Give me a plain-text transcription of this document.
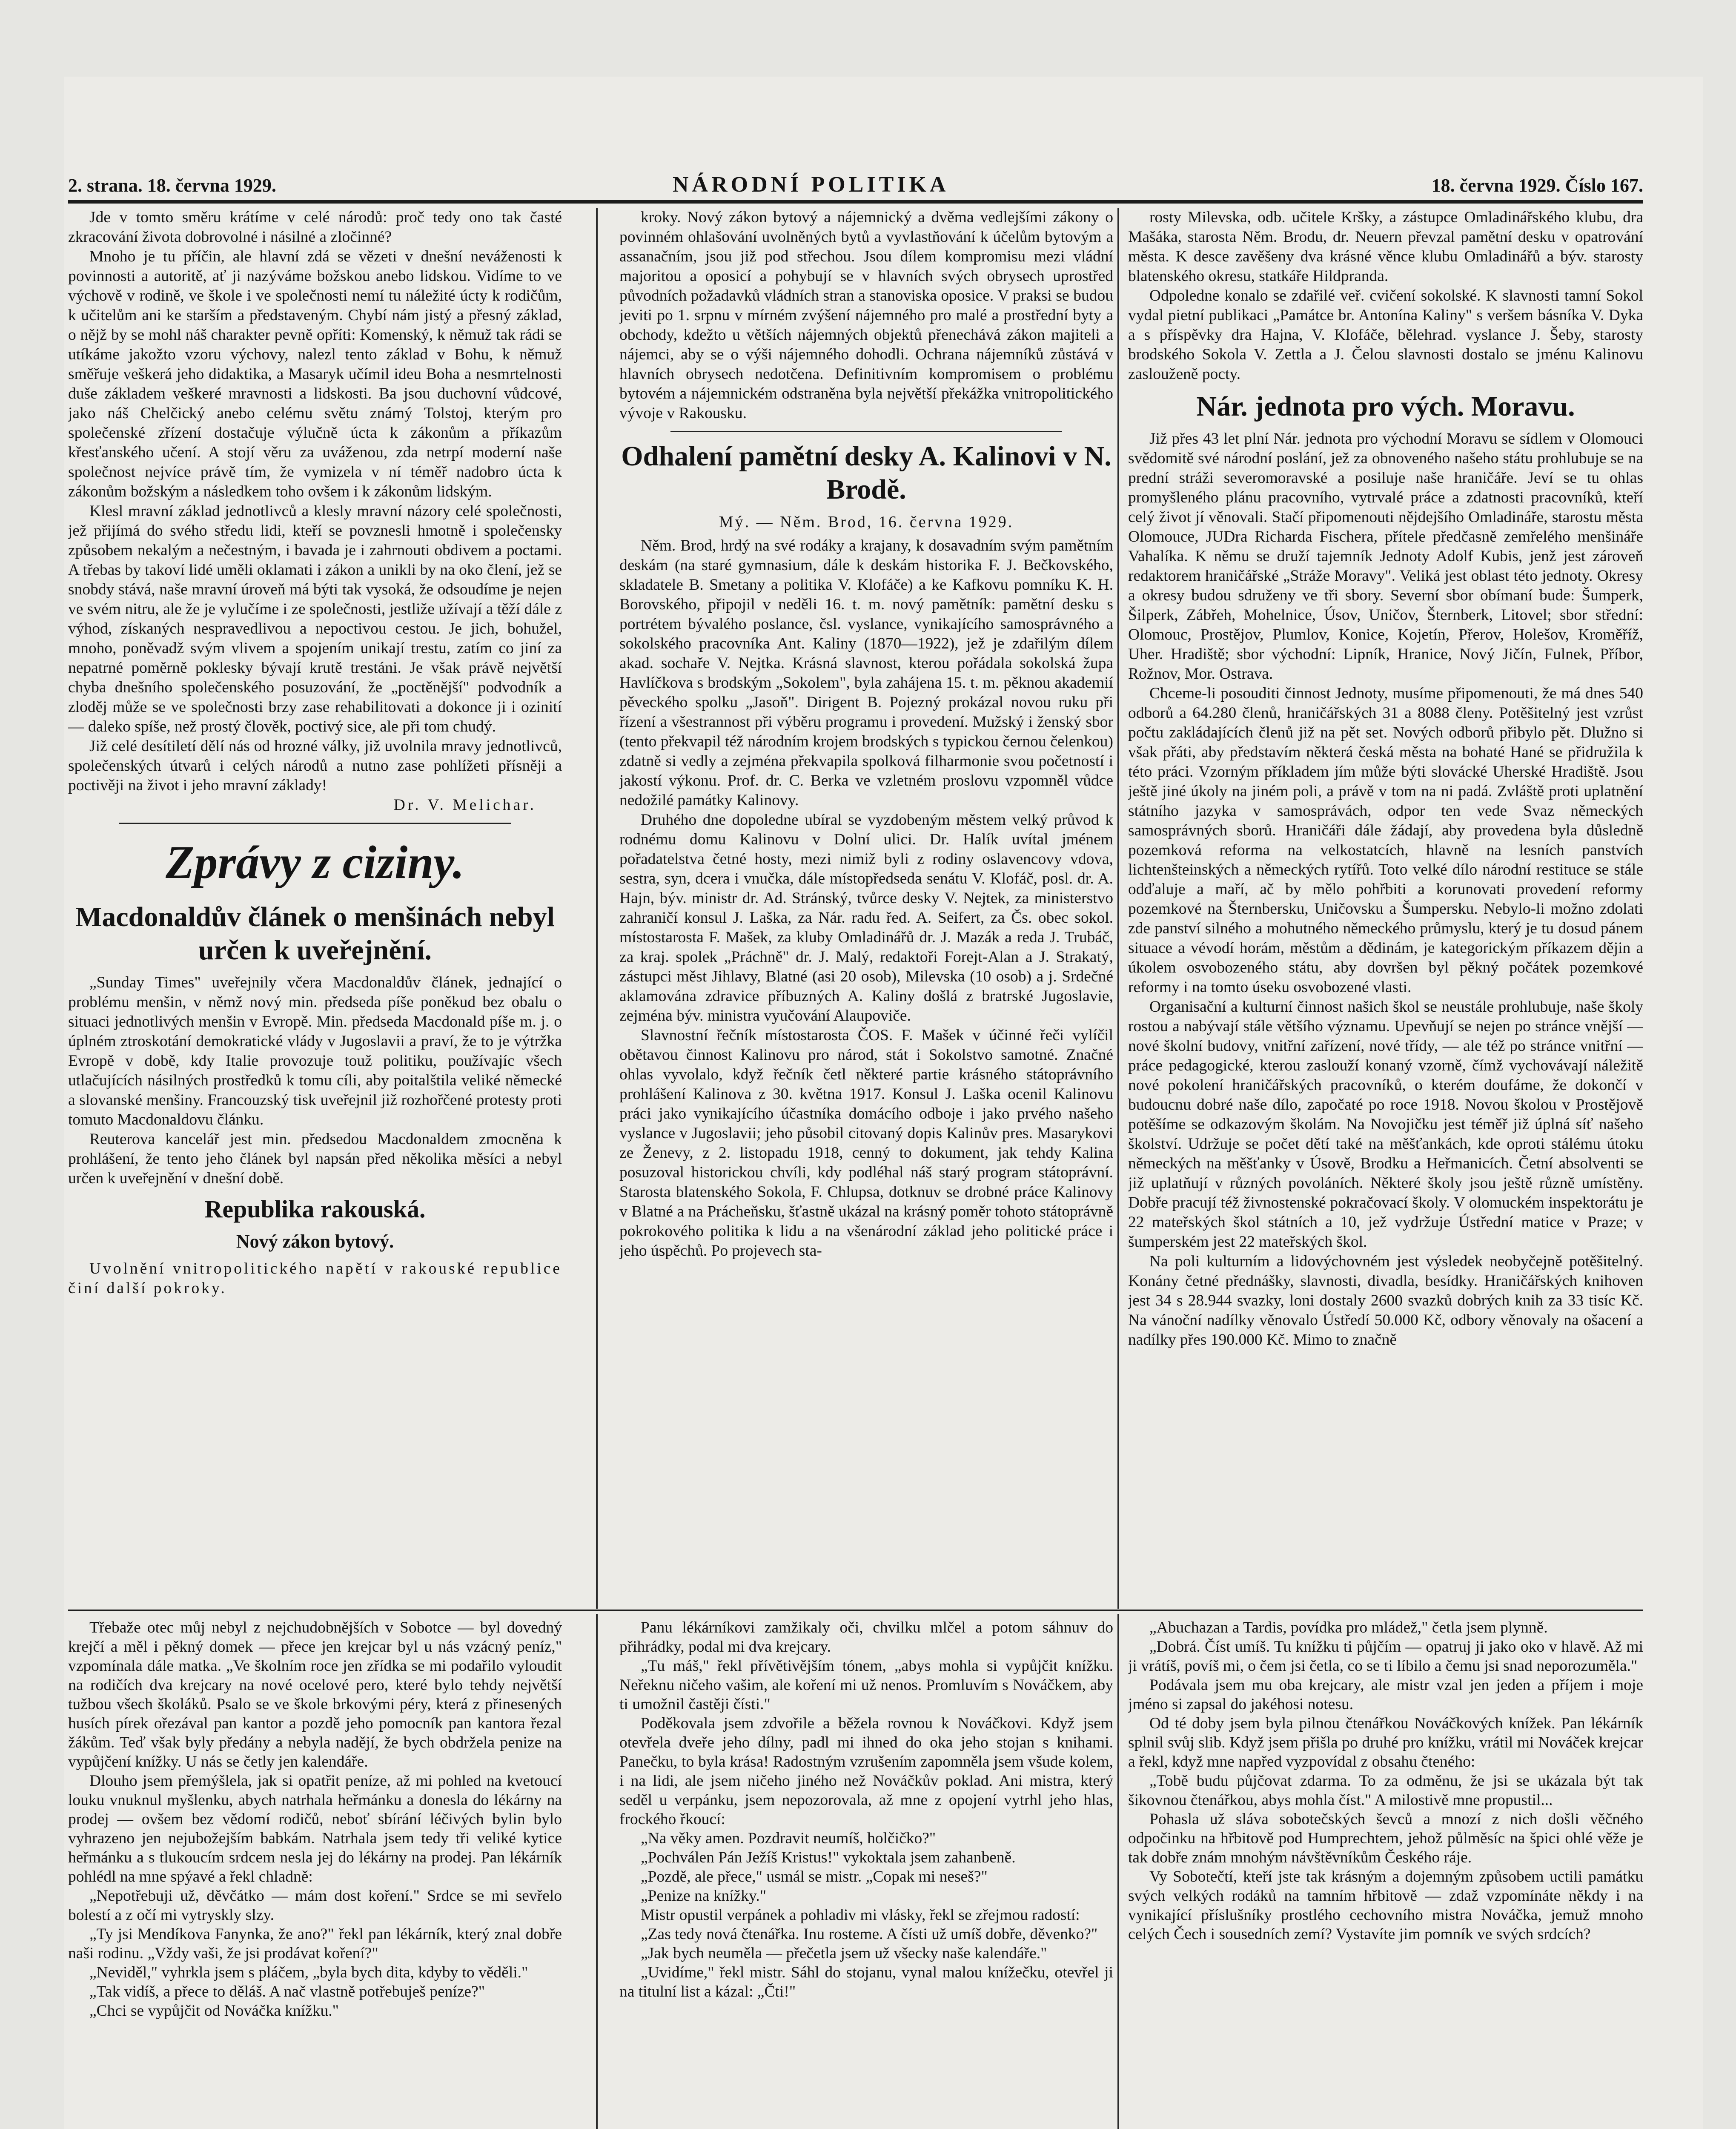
2. strana. 18. června 1929.	NÁRODNÍ POLITIKA	18. června 1929. Číslo 167.

Jde v tomto směru krátíme v celé národů: proč tedy ono tak časté zkracování života dobrovolné i násilné a zločinné?

Mnoho je tu příčin, ale hlavní zdá se vězeti v dnešní neváženosti k povinnosti a autoritě, ať ji nazýváme božskou anebo lidskou. Vidíme to ve výchově v rodině, ve škole i ve společnosti nemí tu náležité úcty k rodičům, k učitelům ani ke starším a představeným. Chybí nám jistý a přesný základ, o nějž by se mohl náš charakter pevně opříti: Komenský, k němuž tak rádi se utíkáme jakožto vzoru výchovy, nalezl tento základ v Bohu, k němuž směřuje veškerá jeho didaktika, a Masaryk učímil ideu Boha a nesmrtelnosti duše základem veškeré mravnosti a lidskosti. Ba jsou duchovní vůdcové, jako náš Chelčický anebo celému světu známý Tolstoj, kterým pro společenské zřízení dostačuje výlučně úcta k zákonům a příkazům křesťanského učení. A stojí věru za uváženou, zda netrpí moderní naše společnost nejvíce právě tím, že vymizela v ní téměř nadobro úcta k zákonům božským a následkem toho ovšem i k zákonům lidským.

Klesl mravní základ jednotlivců a klesly mravní názory celé společnosti, jež přijímá do svého středu lidi, kteří se povznesli hmotně i společensky způsobem nekalým a nečestným, i bavada je i zahrnouti obdivem a poctami. A třebas by takoví lidé uměli oklamati i zákon a unikli by na oko člení, jež se snobdy stává, naše mravní úroveň má býti tak vysoká, že odsoudíme je nejen ve svém nitru, ale že je vylučíme i ze společnosti, jestliže užívají a těží dále z výhod, získaných nespravedlivou a nepoctivou cestou. Je jich, bohužel, mnoho, poněvadž svým vlivem a spojením unikají trestu, zatím co jiní za nepatrné poměrně poklesky bývají krutě trestáni. Je však právě největší chyba dnešního společenského posuzování, že „poctěnější" podvodník a zloděj může se ve společnosti brzy zase rehabilitovati a dokonce ji i ozinití — daleko spíše, než prostý člověk, poctivý sice, ale při tom chudý.

Již celé desítiletí dělí nás od hrozné války, již uvolnila mravy jednotlivců, společenských útvarů i celých národů a nutno zase pohlížeti přísněji a poctivěji na život i jeho mravní základy!

Dr. V. Melichar.
Zprávy z ciziny.
Macdonaldův článek o menšinách nebyl určen k uveřejnění.

„Sunday Times" uveřejnily včera Macdonaldův článek, jednající o problému menšin, v němž nový min. předseda píše poněkud bez obalu o situaci jednotlivých menšin v Evropě. Min. předseda Macdonald píše m. j. o úplném ztroskotání demokratické vlády v Jugoslavii a praví, že to je výtržka Evropě v době, kdy Italie provozuje touž politiku, používajíc všech utlačujících násilných prostředků k tomu cíli, aby poitalštila veliké německé a slovanské menšiny. Francouzský tisk uveřejnil již rozhořčené protesty proti tomuto Macdonaldovu článku.

Reuterova kancelář jest min. předsedou Macdonaldem zmocněna k prohlášení, že tento jeho článek byl napsán před několika měsíci a nebyl určen k uveřejnění v dnešní době.

Republika rakouská.
Nový zákon bytový.

Uvolnění vnitropolitického napětí v rakouské republice činí další pokroky.

kroky. Nový zákon bytový a nájemnický a dvěma vedlejšími zákony o povinném ohlašování uvolněných bytů a vyvlastňování k účelům bytovým a assanačním, jsou již pod střechou. Jsou dílem kompromisu mezi vládní majoritou a oposicí a pohybují se v hlavních svých obrysech uprostřed původních požadavků vládních stran a stanoviska oposice. V praksi se budou jeviti po 1. srpnu v mírném zvýšení nájemného pro malé a prostřední byty a obchody, kdežto u větších nájemných objektů přenechává zákon majiteli a nájemci, aby se o výši nájemného dohodli. Ochrana nájemníků zůstává v hlavních obrysech nedotčena. Definitivním kompromisem o problému bytovém a nájemnickém odstraněna byla největší překážka vnitropolitického vývoje v Rakousku.

Odhalení pamětní desky A. Kalinovi v N. Brodě.
Mý. — Něm. Brod, 16. června 1929.

Něm. Brod, hrdý na své rodáky a krajany, k dosavadním svým pamětním deskám (na staré gymnasium, dále k deskám historika F. J. Bečkovského, skladatele B. Smetany a politika V. Klofáče) a ke Kafkovu pomníku K. H. Borovského, připojil v neděli 16. t. m. nový pamětník: pamětní desku s portrétem bývalého poslance, čsl. vyslance, vynikajícího samosprávného a sokolského pracovníka Ant. Kaliny (1870—1922), jež je zdařilým dílem akad. sochaře V. Nejtka. Krásná slavnost, kterou pořádala sokolská župa Havlíčkova s brodským „Sokolem", byla zahájena 15. t. m. pěknou akademií pěveckého spolku „Jasoň". Dirigent B. Pojezný prokázal novou ruku při řízení a všestrannost při výběru programu i provedení. Mužský i ženský sbor (tento překvapil též národním krojem brodských s typickou černou čelenkou) zdatně si vedly a zejména překvapila spolková filharmonie svou početností i jakostí výkonu. Prof. dr. C. Berka ve vzletném proslovu vzpomněl vůdce nedožilé památky Kalinovy.

Druhého dne dopoledne ubíral se vyzdobeným městem velký průvod k rodnému domu Kalinovu v Dolní ulici. Dr. Halík uvítal jménem pořadatelstva četné hosty, mezi nimiž byli z rodiny oslavencovy vdova, sestra, syn, dcera i vnučka, dále místopředseda senátu V. Klofáč, posl. dr. A. Hajn, býv. ministr dr. Ad. Stránský, tvůrce desky V. Nejtek, za ministerstvo zahraničí konsul J. Laška, za Nár. radu řed. A. Seifert, za Čs. obec sokol. místostarosta F. Mašek, za kluby Omladinářů dr. J. Mazák a reda J. Trubáč, za kraj. spolek „Práchně" dr. J. Malý, redaktoři Forejt-Alan a J. Strakatý, zástupci měst Jihlavy, Blatné (asi 20 osob), Milevska (10 osob) a j. Srdečné aklamována zdravice příbuzných A. Kaliny došlá z bratrské Jugoslavie, zejména býv. ministra vyučování Alaupoviče.

Slavnostní řečník místostarosta ČOS. F. Mašek v účinné řeči vylíčil obětavou činnost Kalinovu pro národ, stát i Sokolstvo samotné. Značné ohlas vyvolalo, když řečník četl některé partie krásného státoprávního prohlášení Kalinova z 30. května 1917. Konsul J. Laška ocenil Kalinovu práci jako vynikajícího účastníka domácího odboje i jako prvého našeho vyslance v Jugoslavii; jeho působil citovaný dopis Kalinův pres. Masarykovi ze Ženevy, z 2. listopadu 1918, cenný to dokument, jak tehdy Kalina posuzoval historickou chvíli, kdy podléhal náš starý program státoprávní. Starosta blatenského Sokola, F. Chlupsa, dotknuv se drobné práce Kalinovy v Blatné a na Prácheňsku, šťastně ukázal na krásný poměr tohoto státoprávně pokrokového politika k lidu a na všenárodní základ jeho politické práce i jeho úspěchů. Po projevech sta-

rosty Milevska, odb. učitele Kršky, a zástupce Omladinářského klubu, dra Mašáka, starosta Něm. Brodu, dr. Neuern převzal pamětní desku v opatrování města. K desce zavěšeny dva krásné věnce klubu Omladinářů a býv. starosty blatenského okresu, statkáře Hildpranda.

Odpoledne konalo se zdařilé veř. cvičení sokolské. K slavnosti tamní Sokol vydal pietní publikaci „Památce br. Antonína Kaliny" s veršem básníka V. Dyka a s příspěvky dra Hajna, V. Klofáče, bělehrad. vyslance J. Šeby, starosty brodského Sokola V. Zettla a J. Čelou slavnosti dostalo se jménu Kalinovu zaslouženě pocty.

Nár. jednota pro vých. Moravu.

Již přes 43 let plní Nár. jednota pro východní Moravu se sídlem v Olomouci svědomitě své národní poslání, jež za obnoveného našeho státu prohlubuje se na prední stráži severomoravské a posiluje naše hraničáře. Jeví se tu ohlas promyšleného plánu pracovního, vytrvalé práce a zdatnosti pracovníků, kteří celý život jí věnovali. Stačí připomenouti nějdejšího Omladináře, starostu města Olomouce, JUDra Richarda Fischera, přítele předčasně zemřelého menšináře Vahalíka. K němu se druží tajemník Jednoty Adolf Kubis, jenž jest zároveň redaktorem hraničářské „Stráže Moravy". Veliká jest oblast této jednoty. Okresy a okresy budou sdruženy ve tři sbory. Severní sbor obímaní bude: Šumperk, Šilperk, Zábřeh, Mohelnice, Úsov, Uničov, Šternberk, Litovel; sbor střední: Olomouc, Prostějov, Plumlov, Konice, Kojetín, Přerov, Holešov, Kroměříž, Uher. Hradiště; sbor východní: Lipník, Hranice, Nový Jičín, Fulnek, Příbor, Rožnov, Mor. Ostrava.

Chceme-li posouditi činnost Jednoty, musíme připomenouti, že má dnes 540 odborů a 64.280 členů, hraničářských 31 a 8088 členy. Potěšitelný jest vzrůst počtu zakládajících členů již na pět set. Nových odborů přibylo pět. Dlužno si však přáti, aby představím některá česká města na bohaté Hané se přidružila k této práci. Vzorným příkladem jím může býti slovácké Uherské Hradiště. Jsou ještě jiné úkoly na jiném poli, a právě v tom na ni padá. Zvláště proti uplatnění státního jazyka v samosprávách, odpor ten vede Svaz německých samosprávných sborů. Hraničáři dále žádají, aby provedena byla důsledně pozemková reforma na velkostatcích, hlavně na lesních panstvích lichtenšteinských a německých rytířů. Toto velké dílo národní restituce se stále odďaluje a maří, ač by mělo pohřbiti a korunovati provedení reformy pozemkové na Šternbersku, Uničovsku a Šumpersku. Nebylo-li možno zdolati zde panství silného a mohutného německého průmyslu, který je tu dosud pánem situace a vévodí horám, městům a dědinám, je kategorickým příkazem dějin a úkolem osvobozeného státu, aby dovršen byl pěkný počátek pozemkové reformy i na tomto úseku osvobozené vlasti.

Organisační a kulturní činnost našich škol se neustále prohlubuje, naše školy rostou a nabývají stále většího významu. Upevňují se nejen po stránce vnější — nové školní budovy, vnitřní zařízení, nové třídy, — ale též po stránce vnitřní — práce pedagogické, kterou zaslouží konaný vzorně, čímž vychovávají náležitě nové pokolení hraničářských pracovníků, o kterém doufáme, že dokončí v budoucnu dobré naše dílo, započaté po roce 1918. Novou školou v Prostějově potěšíme se odkazovým školám. Na Novojičku jest téměř již úplná síť našeho školství. Udržuje se počet dětí také na měšťankách, kde oproti stálému útoku německých na měšťanky v Úsově, Brodku a Heřmanicích. Četní absolventi se již uplatňují v různých povoláních. Některé školy jsou ještě různě umístěny. Dobře pracují též živnostenské pokračovací školy. V olomuckém inspektorátu je 22 mateřských škol státních a 10, jež vydržuje Ústřední matice v Praze; v šumperském jest 22 mateřských škol.

Na poli kulturním a lidovýchovném jest výsledek neobyčejně potěšitelný. Konány četné přednášky, slavnosti, divadla, besídky. Hraničářských knihoven jest 34 s 28.944 svazky, loni dostaly 2600 svazků dobrých knih za 33 tisíc Kč. Na vánoční nadílky věnovalo Ústředí 50.000 Kč, odbory věnovaly na ošacení a nadílky přes 190.000 Kč. Mimo to značně

Třebaže otec můj nebyl z nejchudobnějších v Sobotce — byl dovedný krejčí a měl i pěkný domek — přece jen krejcar byl u nás vzácný peníz," vzpomínala dále matka. „Ve školním roce jen zřídka se mi podařilo vyloudit na rodičích dva krejcary na nové ocelové pero, které bylo tehdy největší tužbou všech školáků. Psalo se ve škole brkovými péry, která z přinesených husích pírek ořezával pan kantor a pozdě jeho pomocník pan kantora řezal žákům. Teď však byly předány a nebyla nadějí, že bych obdržela penize na vypůjčení knížky. U nás se četly jen kalendáře.

Dlouho jsem přemýšlela, jak si opatřit peníze, až mi pohled na kvetoucí louku vnuknul myšlenku, abych natrhala heřmánku a donesla do lékárny na prodej — ovšem bez vědomí rodičů, neboť sbírání léčivých bylin bylo vyhrazeno jen nejubožejším babkám. Natrhala jsem tedy tři veliké kytice heřmánku a s tlukoucím srdcem nesla jej do lékárny na prodej. Pan lékárník pohlédl na mne spýavé a řekl chladně:

„Nepotřebuji už, děvčátko — mám dost koření." Srdce se mi sevřelo bolestí a z očí mi vytryskly slzy.

„Ty jsi Mendíkova Fanynka, že ano?" řekl pan lékárník, který znal dobře naši rodinu. „Vždy vaši, že jsi prodávat koření?"

„Neviděl," vyhrkla jsem s pláčem, „byla bych dita, kdyby to věděli."

„Tak vidíš, a přece to děláš. A nač vlastně potřebuješ peníze?"

„Chci se vypůjčit od Nováčka knížku."

Panu lékárníkovi zamžikaly oči, chvilku mlčel a potom sáhnuv do přihrádky, podal mi dva krejcary.

„Tu máš," řekl přívětivějším tónem, „abys mohla si vypůjčit knížku. Neřeknu ničeho vašim, ale koření mi už nenos. Promluvím s Nováčkem, aby ti umožnil častěji čísti."

Poděkovala jsem zdvořile a běžela rovnou k Nováčkovi. Když jsem otevřela dveře jeho dílny, padl mi ihned do oka jeho stojan s knihami. Panečku, to byla krása! Radostným vzrušením zapomněla jsem všude kolem, i na lidi, ale jsem ničeho jiného než Nováčkův poklad. Ani mistra, který seděl u verpánku, jsem nepozorovala, až mne z opojení vytrhl jeho hlas, frockého řkoucí:

„Na věky amen. Pozdravit neumíš, holčičko?"

„Pochválen Pán Ježíš Kristus!" vykoktala jsem zahanbeně.

„Pozdě, ale přece," usmál se mistr. „Copak mi neseš?"

„Penize na knížky."

Mistr opustil verpánek a pohladiv mi vlásky, řekl se zřejmou radostí:

„Zas tedy nová čtenářka. Inu rosteme. A čísti už umíš dobře, děvenko?"

„Jak bych neuměla — přečetla jsem už všecky naše kalendáře."

„Uvidíme," řekl mistr. Sáhl do stojanu, vynal malou knížečku, otevřel ji na titulní list a kázal: „Čti!"

„Abuchazan a Tardis, povídka pro mládež," četla jsem plynně.

„Dobrá. Číst umíš. Tu knížku ti půjčím — opatruj ji jako oko v hlavě. Až mi ji vrátíš, povíš mi, o čem jsi četla, co se ti líbilo a čemu jsi snad neporozuměla."

Podávala jsem mu oba krejcary, ale mistr vzal jen jeden a příjem i moje jméno si zapsal do jakéhosi notesu.

Od té doby jsem byla pilnou čtenářkou Nováčkových knížek. Pan lékárník splnil svůj slib. Když jsem přišla po druhé pro knížku, vrátil mi Nováček krejcar a řekl, když mne napřed vyzpovídal z obsahu čteného:

„Tobě budu půjčovat zdarma. To za odměnu, že jsi se ukázala být tak šikovnou čtenářkou, abys mohla číst." A milostivě mne propustil...

Pohasla už sláva sobotečských ševců a mnozí z nich došli věčného odpočinku na hřbitově pod Humprechtem, jehož půlměsíc na špici ohlé věže je tak dobře znám mnohým návštěvníkům Českého ráje.

Vy Sobotečtí, kteří jste tak krásným a dojemným způsobem uctili památku svých velkých rodáků na tamním hřbitově — zdaž vzpomínáte někdy i na vynikající příslušníky prostlého cechovního mistra Nováčka, jemuž mnoho celých Čech i sousedních zemí? Vystavíte jim pomník ve svých srdcích?
